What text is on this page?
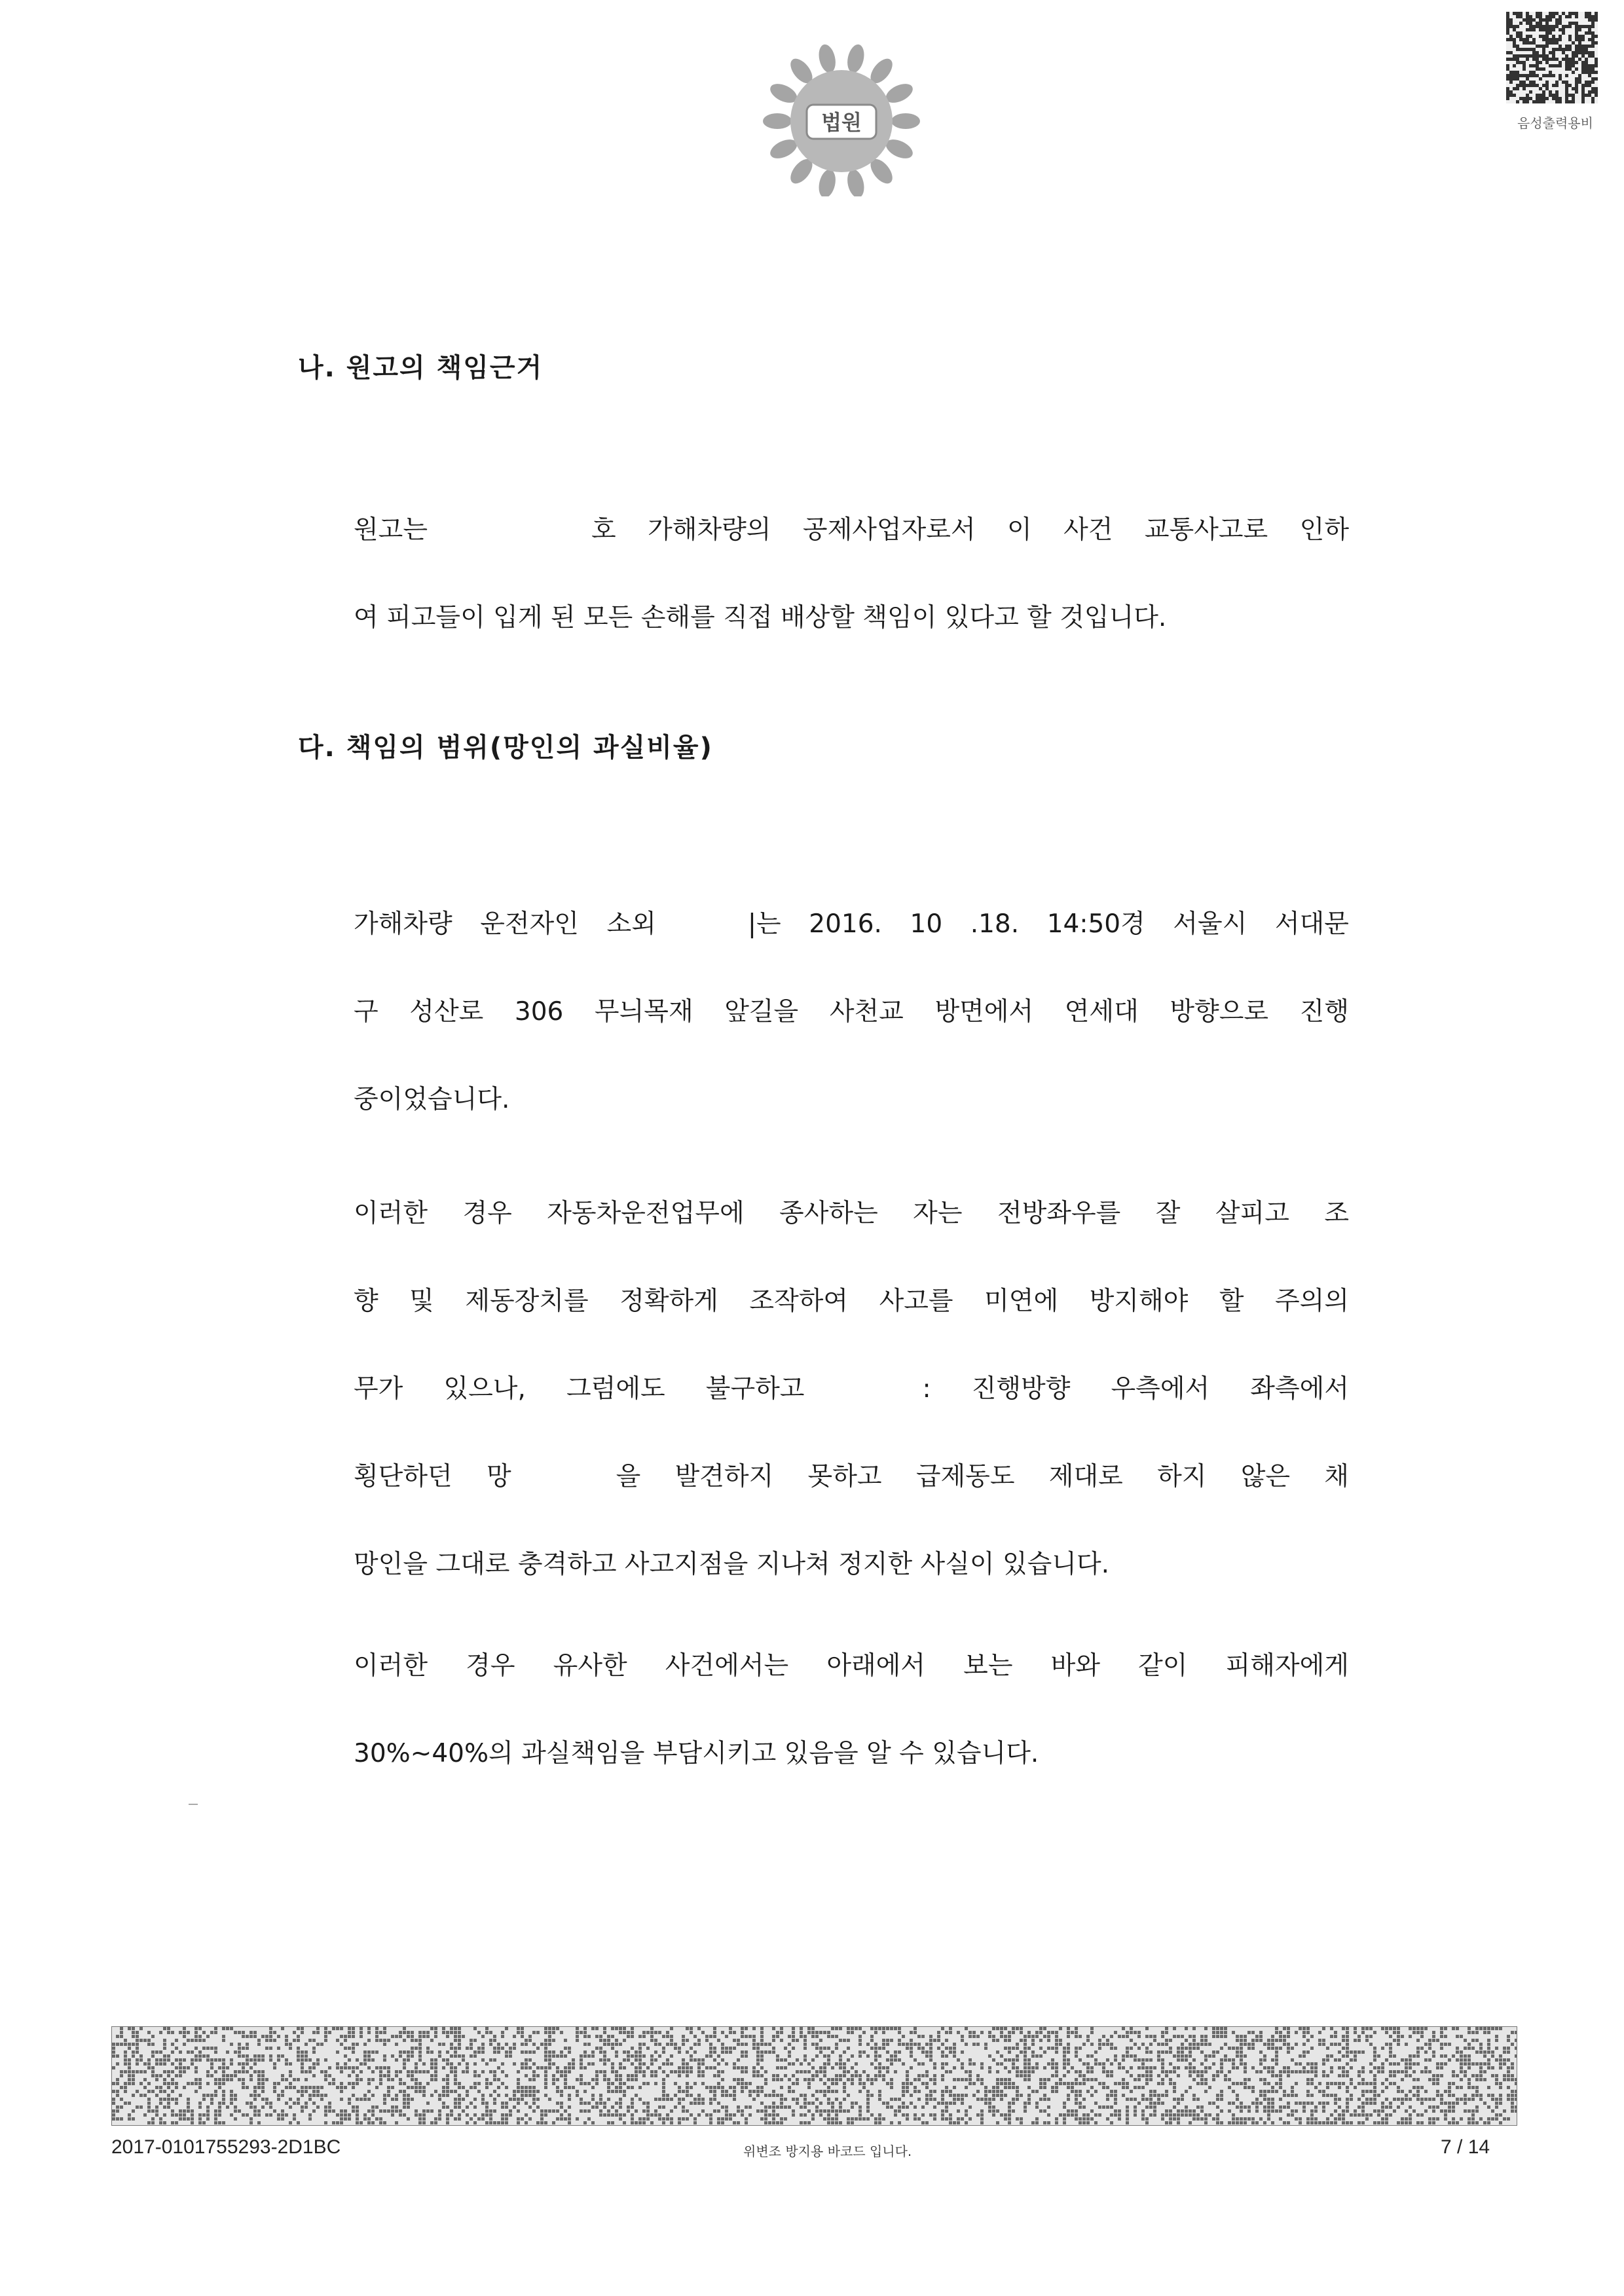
법원	음성출력용비
나. 원고의 책임근거
원고는	호 가해차량의 공제사업자로서 이 사건 교통사고로 인하
여 피고들이 입게 된 모든 손해를 직접 배상할 책임이 있다고 할 것입니다.
다. 책임의 범위(망인의 과실비율)
가해차량 운전자인 소외	|는 2016. 10 .18. 14:50경 서울시 서대문
구 성산로 306 무늬목재 앞길을 사천교 방면에서 연세대 방향으로 진행
중이었습니다.
이러한 경우 자동차운전업무에 종사하는 자는 전방좌우를 잘 살피고 조
향 및 제동장치를 정확하게 조작하여 사고를 미연에 방지해야 할 주의의
무가 있으나, 그럼에도 불구하고	: 진행방향 우측에서 좌측에서
횡단하던 망	을 발견하지 못하고 급제동도 제대로 하지 않은 채
망인을 그대로 충격하고 사고지점을 지나쳐 정지한 사실이 있습니다.
이러한 경우 유사한 사건에서는 아래에서 보는 바와 같이 피해자에게
30%~40%의 과실책임을 부담시키고 있음을 알 수 있습니다.
2017-0101755293-2D1BC	위변조 방지용 바코드 입니다.	7 / 14
